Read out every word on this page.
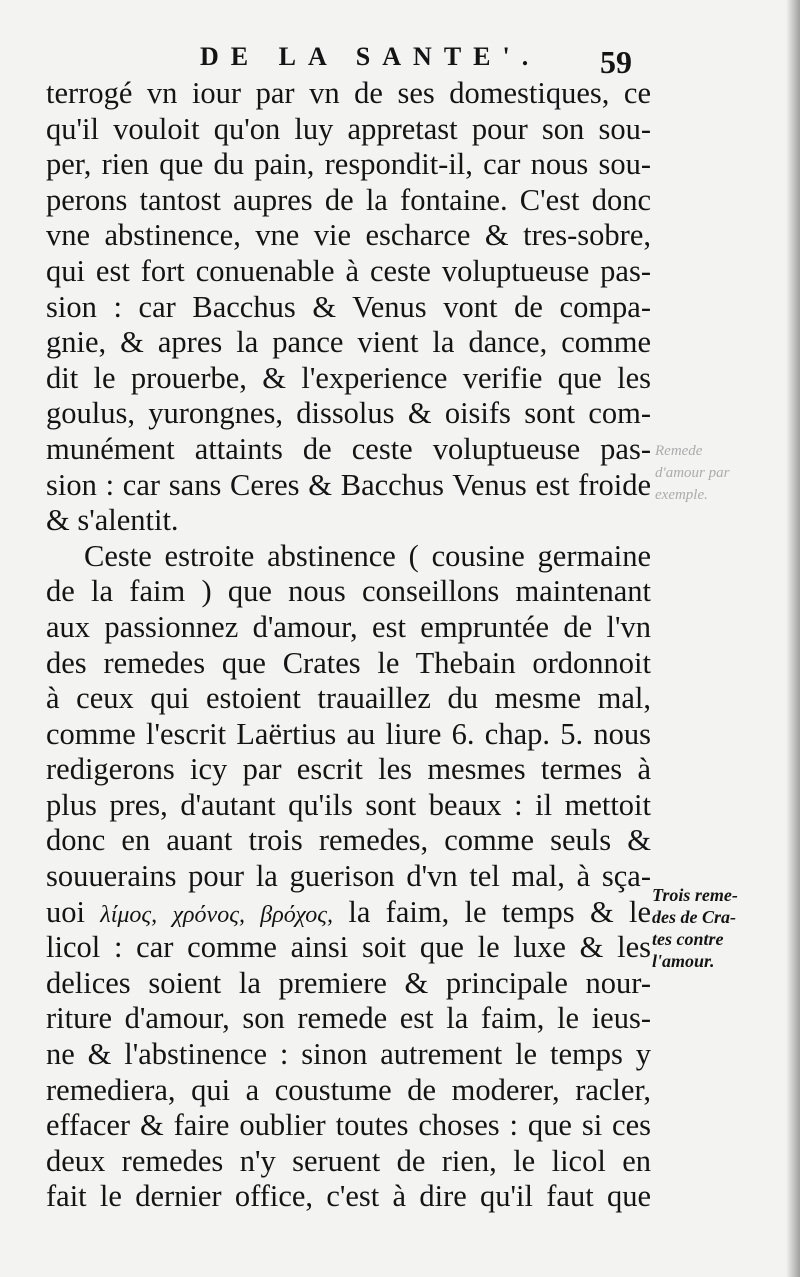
DE LA SANTE'.	59
terrogé vn iour par vn de ses domestiques, ce
qu'il vouloit qu'on luy appretast pour son sou-
per, rien que du pain, respondit-il, car nous sou-
perons tantost aupres de la fontaine. C'est donc
vne abstinence, vne vie escharce & tres-sobre,
qui est fort conuenable à ceste voluptueuse pas-
sion : car Bacchus & Venus vont de compa-
gnie, & apres la pance vient la dance, comme
dit le prouerbe, & l'experience verifie que les
goulus, yurongnes, dissolus & oisifs sont com-
munément attaints de ceste voluptueuse pas-
sion : car sans Ceres & Bacchus Venus est froide
& s'alentit.
Ceste estroite abstinence ( cousine germaine
de la faim ) que nous conseillons maintenant
aux passionnez d'amour, est empruntée de l'vn
des remedes que Crates le Thebain ordonnoit
à ceux qui estoient trauaillez du mesme mal,
comme l'escrit Laërtius au liure 6. chap. 5. nous
redigerons icy par escrit les mesmes termes à
plus pres, d'autant qu'ils sont beaux : il mettoit
donc en auant trois remedes, comme seuls &
souuerains pour la guerison d'vn tel mal, à sça-
uoi λίμος, χρόνος, βρόχος, la faim, le temps & le
licol : car comme ainsi soit que le luxe & les
delices soient la premiere & principale nour-
riture d'amour, son remede est la faim, le ieus-
ne & l'abstinence : sinon autrement le temps y
remediera, qui a coustume de moderer, racler,
effacer & faire oublier toutes choses : que si ces
deux remedes n'y seruent de rien, le licol en
fait le dernier office, c'est à dire qu'il faut que
Remede
d'amour par
exemple.
Trois reme-
des de Cra-
tes contre
l'amour.
